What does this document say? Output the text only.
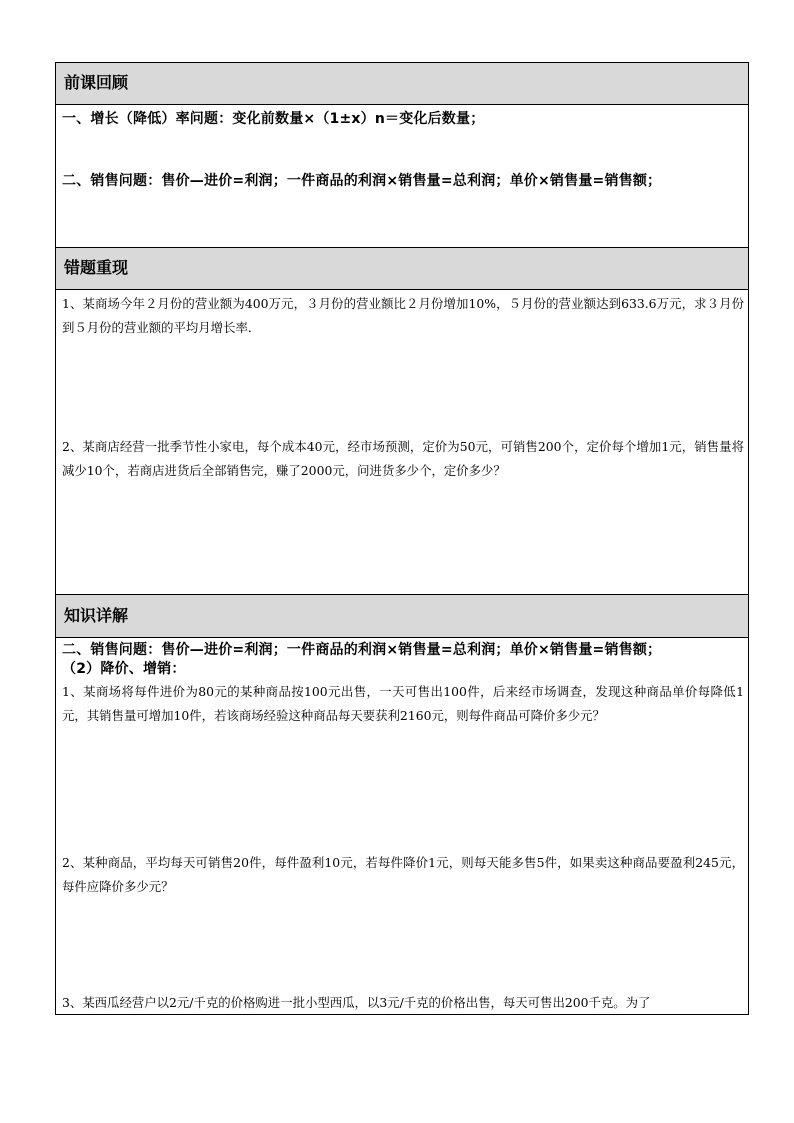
前课回顾
一、增长（降低）率问题：变化前数量×（1±x）n＝变化后数量；
二、销售问题：售价—进价=利润；一件商品的利润×销售量=总利润；单价×销售量=销售额；
错题重现
1、某商场今年２月份的营业额为400万元，３月份的营业额比２月份增加10%，５月份的营业额达到633.6万元，求３月份到５月份的营业额的平均月增长率．
2、某商店经营一批季节性小家电，每个成本40元，经市场预测，定价为50元，可销售200个，定价每个增加1元，销售量将减少10个，若商店进货后全部销售完，赚了2000元，问进货多少个，定价多少？
知识详解
二、销售问题：售价—进价=利润；一件商品的利润×销售量=总利润；单价×销售量=销售额；
（2）降价、增销：
1、某商场将每件进价为80元的某种商品按100元出售，一天可售出100件，后来经市场调查，发现这种商品单价每降低1元，其销售量可增加10件，若该商场经验这种商品每天要获利2160元，则每件商品可降价多少元？
2、某种商品，平均每天可销售20件，每件盈利10元，若每件降价1元，则每天能多售5件，如果卖这种商品要盈利245元，每件应降价多少元？
3、某西瓜经营户以2元/千克的价格购进一批小型西瓜，以3元/千克的价格出售，每天可售出200千克。为了
